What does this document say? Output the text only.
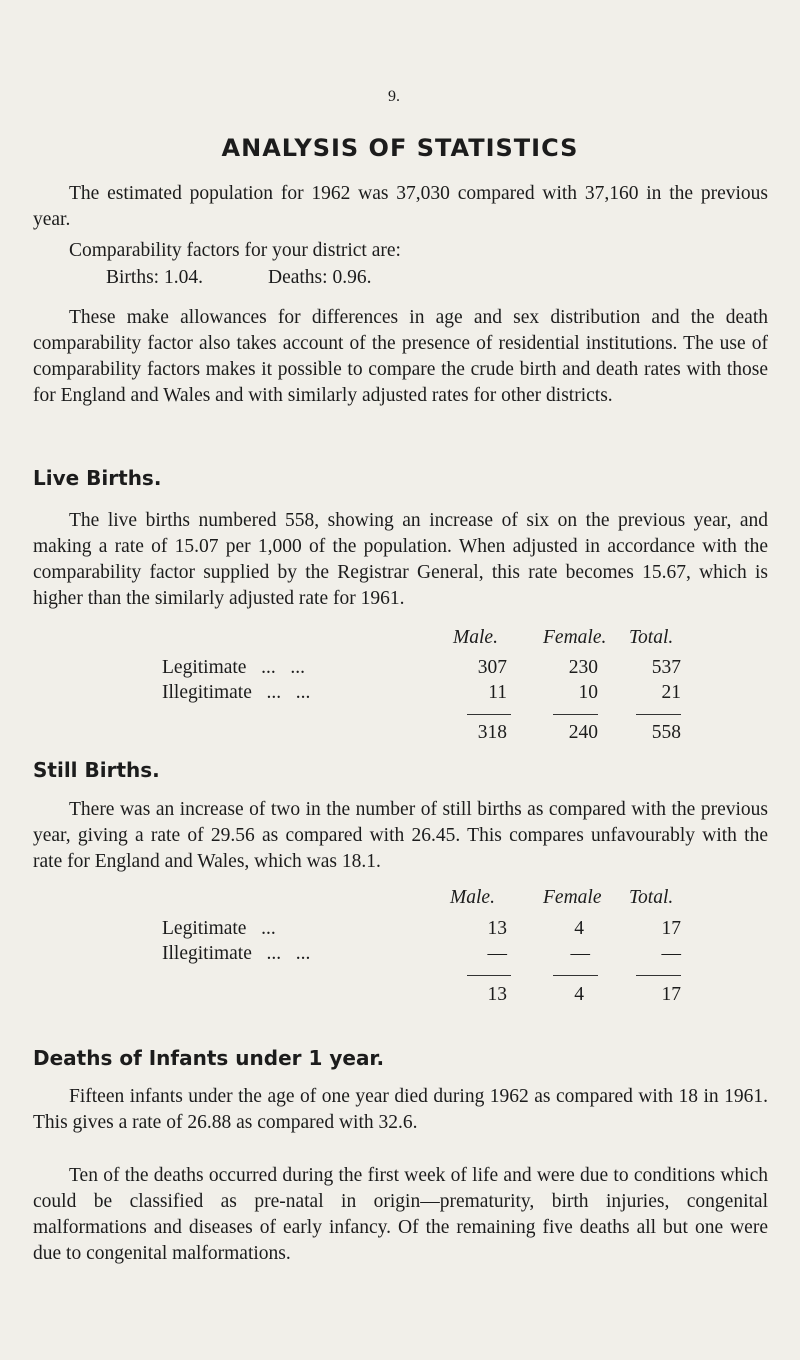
9.
ANALYSIS OF STATISTICS

The estimated population for 1962 was 37,030 compared with 37,160 in the previous year.

Comparability factors for your district are:
Births: 1.04.	Deaths: 0.96.

These make allowances for differences in age and sex distribution and the death comparability factor also takes account of the presence of residential institutions. The use of comparability factors makes it possible to compare the crude birth and death rates with those for England and Wales and with similarly adjusted rates for other districts.

Live Births.

The live births numbered 558, showing an increase of six on the previous year, and making a rate of 15.07 per 1,000 of the population. When adjusted in accordance with the comparability factor supplied by the Registrar General, this rate becomes 15.67, which is higher than the similarly adjusted rate for 1961.

Male. Female. Total.
Legitimate   ...   ...	307	230	537
Illegitimate   ...   ...	11	10	21
318	240	558
Still Births.

There was an increase of two in the number of still births as compared with the previous year, giving a rate of 29.56 as compared with 26.45. This compares unfavourably with the rate for England and Wales, which was 18.1.

Male. Female Total.
Legitimate   ...	13	4	17
Illegitimate   ...   ...	—	—	—
13	4	17
Deaths of Infants under 1 year.

Fifteen infants under the age of one year died during 1962 as compared with 18 in 1961. This gives a rate of 26.88 as compared with 32.6.

Ten of the deaths occurred during the first week of life and were due to conditions which could be classified as pre-natal in origin—prematurity, birth injuries, congenital malformations and diseases of early infancy. Of the remaining five deaths all but one were due to congenital malformations.
